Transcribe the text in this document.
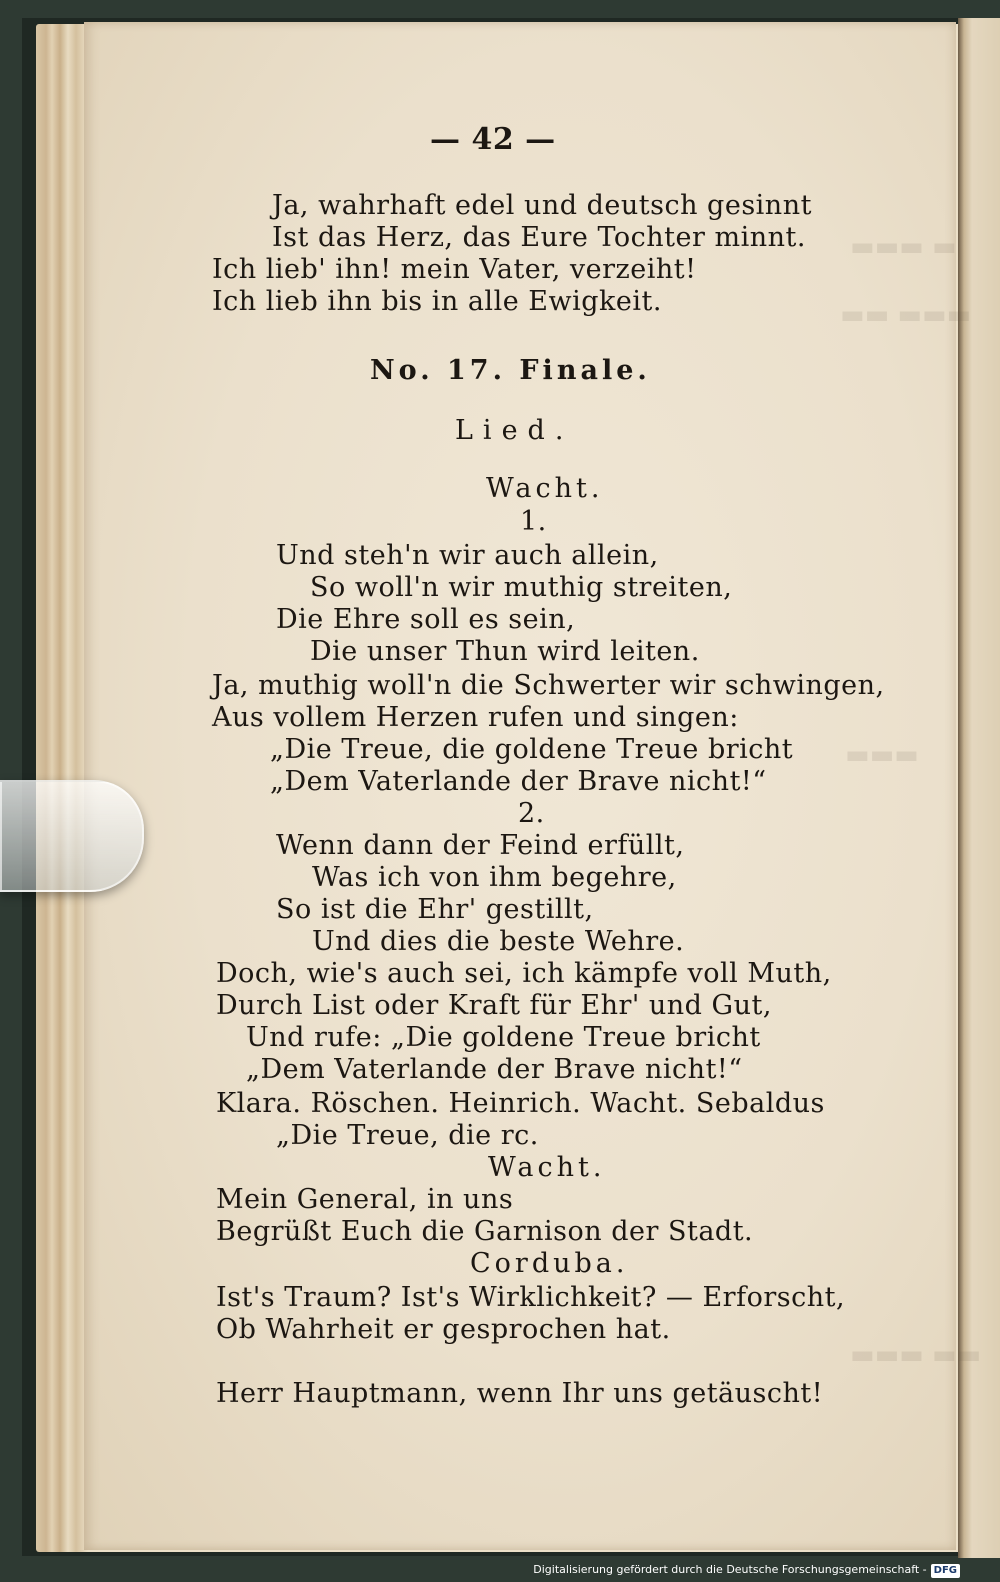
▬▬▬ ▬
▬▬ ▬▬▬
▬▬▬
▬▬▬ ▬▬
— 42 —
Ja, wahrhaft edel und deutsch gesinnt
Ist das Herz, das Eure Tochter minnt.
Ich lieb' ihn! mein Vater, verzeiht!
Ich lieb ihn bis in alle Ewigkeit.
No. 17. Finale.
Lied.
Wacht.
1.
Und steh'n wir auch allein,
So woll'n wir muthig streiten,
Die Ehre soll es sein,
Die unser Thun wird leiten.
Ja, muthig woll'n die Schwerter wir schwingen,
Aus vollem Herzen rufen und singen:
„Die Treue, die goldene Treue bricht
„Dem Vaterlande der Brave nicht!“
2.
Wenn dann der Feind erfüllt,
Was ich von ihm begehre,
So ist die Ehr' gestillt,
Und dies die beste Wehre.
Doch, wie's auch sei, ich kämpfe voll Muth,
Durch List oder Kraft für Ehr' und Gut,
Und rufe: „Die goldene Treue bricht
„Dem Vaterlande der Brave nicht!“
Klara. Röschen. Heinrich. Wacht. Sebaldus
„Die Treue, die rc.
Wacht.
Mein General, in uns
Begrüßt Euch die Garnison der Stadt.
Corduba.
Ist's Traum? Ist's Wirklichkeit? — Erforscht,
Ob Wahrheit er gesprochen hat.
Herr Hauptmann, wenn Ihr uns getäuscht!
Digitalisierung gefördert durch die Deutsche Forschungsgemeinschaft - DFG
